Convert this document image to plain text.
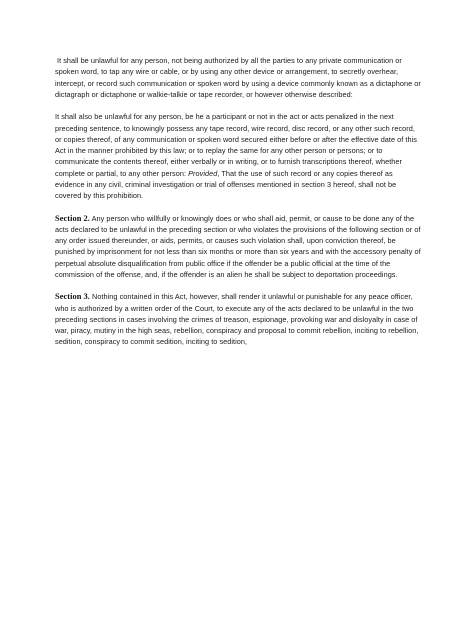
It shall be unlawful for any person, not being authorized by all the parties to any private communication or spoken word, to tap any wire or cable, or by using any other device or arrangement, to secretly overhear, intercept, or record such communication or spoken word by using a device commonly known as a dictaphone or dictagraph or dictaphone or walkie-talkie or tape recorder, or however otherwise described:

It shall also be unlawful for any person, be he a participant or not in the act or acts penalized in the next preceding sentence, to knowingly possess any tape record, wire record, disc record, or any other such record, or copies thereof, of any communication or spoken word secured either before or after the effective date of this Act in the manner prohibited by this law; or to replay the same for any other person or persons; or to communicate the contents thereof, either verbally or in writing, or to furnish transcriptions thereof, whether complete or partial, to any other person: Provided, That the use of such record or any copies thereof as evidence in any civil, criminal investigation or trial of offenses mentioned in section 3 hereof, shall not be covered by this prohibition.

Section 2. Any person who willfully or knowingly does or who shall aid, permit, or cause to be done any of the acts declared to be unlawful in the preceding section or who violates the provisions of the following section or of any order issued thereunder, or aids, permits, or causes such violation shall, upon conviction thereof, be punished by imprisonment for not less than six months or more than six years and with the accessory penalty of perpetual absolute disqualification from public office if the offender be a public official at the time of the commission of the offense, and, if the offender is an alien he shall be subject to deportation proceedings.

Section 3. Nothing contained in this Act, however, shall render it unlawful or punishable for any peace officer, who is authorized by a written order of the Court, to execute any of the acts declared to be unlawful in the two preceding sections in cases involving the crimes of treason, espionage, provoking war and disloyalty in case of war, piracy, mutiny in the high seas, rebellion, conspiracy and proposal to commit rebellion, inciting to rebellion, sedition, conspiracy to commit sedition, inciting to sedition,
